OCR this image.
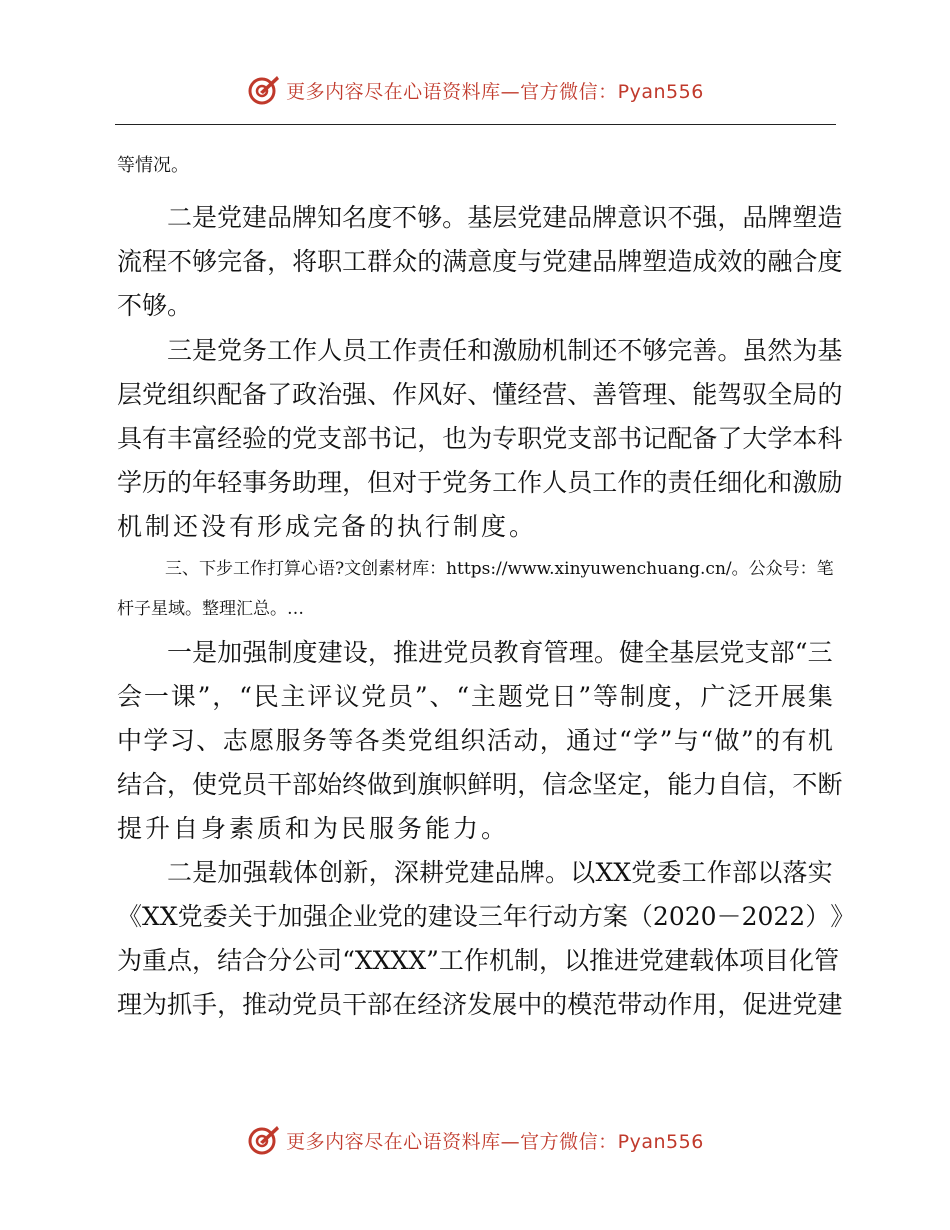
更多内容尽在心语资料库—官方微信：Pyan556
等情况。
二 是 党 建 品 牌 知 名 度 不 够 。 基 层 党 建 品 牌 意 识 不 强 ， 品 牌 塑 造
流 程 不 够 完 备 ， 将 职 工 群 众 的 满 意 度 与 党 建 品 牌 塑 造 成 效 的 融 合 度
不够。
三 是 党 务 工 作 人 员 工 作 责 任 和 激 励 机 制 还 不 够 完 善 。 虽 然 为 基
层 党 组 织 配 备 了 政 治 强 、 作 风 好 、 懂 经 营 、 善 管 理 、 能 驾 驭 全 局 的
具 有 丰 富 经 验 的 党 支 部 书 记 ， 也 为 专 职 党 支 部 书 记 配 备 了 大 学 本 科
学 历 的 年 轻 事 务 助 理 ， 但 对 于 党 务 工 作 人 员 工 作 的 责 任 细 化 和 激 励
机制还没有形成完备的执行制度。
三、下步工作打算心语?文创素材库：https://www.xinyuwenchuang.cn/。公众号：笔
杆子星域。整理汇总。…
一 是 加 强 制 度 建 设 ， 推 进 党 员 教 育 管 理 。 健 全 基 层 党 支 部 “ 三
会 一 课 ” ， “ 民 主 评 议 党 员 ” 、 “ 主 题 党 日 ” 等 制 度 ， 广 泛 开 展 集
中 学 习 、 志 愿 服 务 等 各 类 党 组 织 活 动 ， 通 过 “ 学 ” 与 “ 做 ” 的 有 机
结 合 ， 使 党 员 干 部 始 终 做 到 旗 帜 鲜 明 ， 信 念 坚 定 ， 能 力 自 信 ， 不 断
提升自身素质和为民服务能力。
二 是 加 强 载 体 创 新 ， 深 耕 党 建 品 牌 。 以 XX 党 委 工 作 部 以 落 实
《 XX 党 委 关 于 加 强 企 业 党 的 建 设 三 年 行 动 方 案 （ 2020 － 2022 ） 》
为 重 点 ， 结 合 分 公 司 “ XXXX ” 工 作 机 制 ， 以 推 进 党 建 载 体 项 目 化 管
理 为 抓 手 ， 推 动 党 员 干 部 在 经 济 发 展 中 的 模 范 带 动 作 用 ， 促 进 党 建
更多内容尽在心语资料库—官方微信：Pyan556
